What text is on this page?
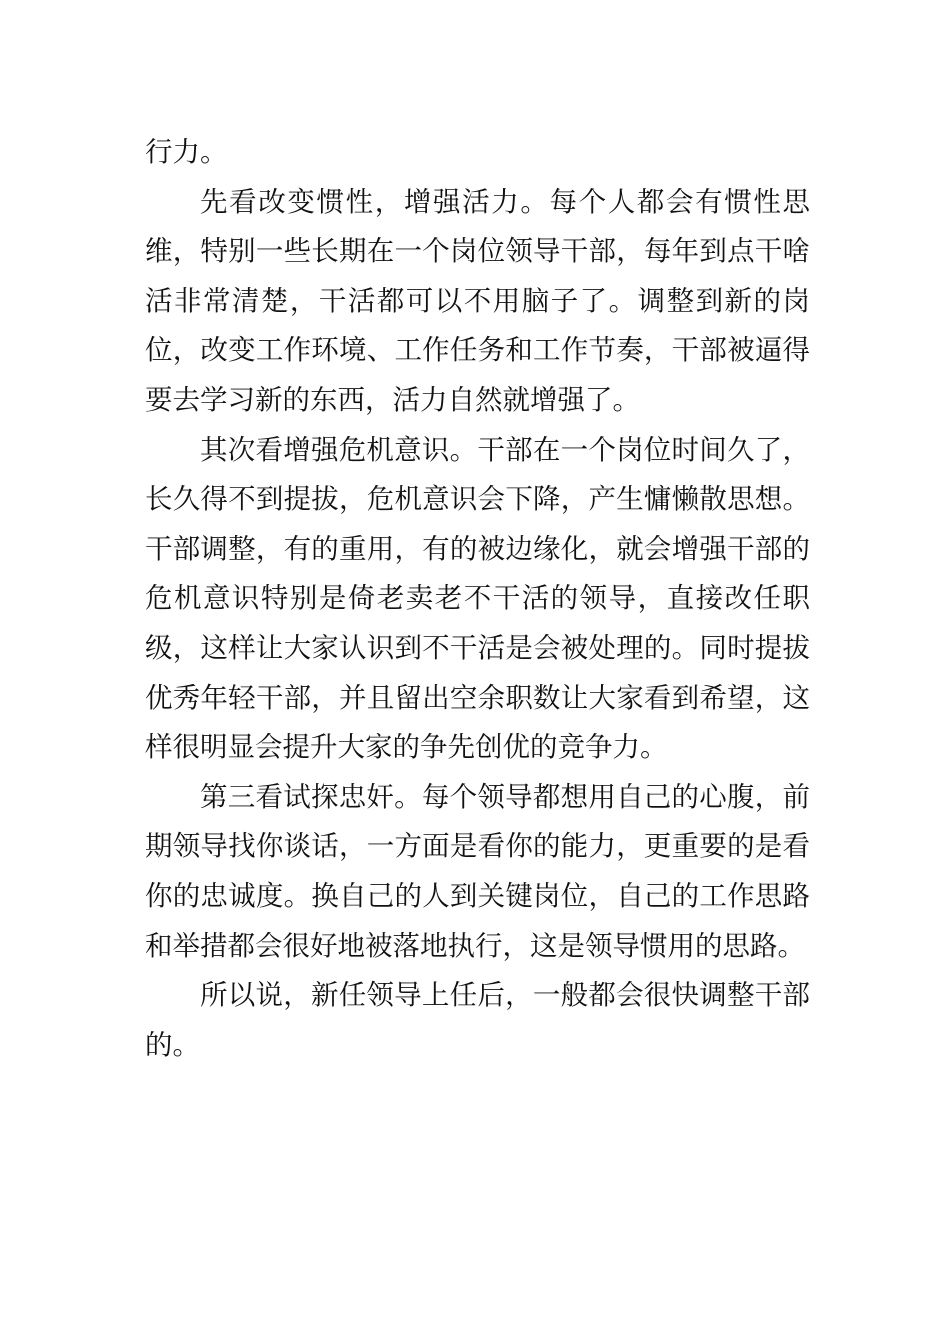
行力。

先看改变惯性，增强活力。每个人都会有惯性思维，特别一些长期在一个岗位领导干部，每年到点干啥活非常清楚，干活都可以不用脑子了。调整到新的岗位，改变工作环境、工作任务和工作节奏，干部被逼得要去学习新的东西，活力自然就增强了。

其次看增强危机意识。干部在一个岗位时间久了，长久得不到提拔，危机意识会下降，产生慵懒散思想。干部调整，有的重用，有的被边缘化，就会增强干部的危机意识特别是倚老卖老不干活的领导，直接改任职级，这样让大家认识到不干活是会被处理的。同时提拔优秀年轻干部，并且留出空余职数让大家看到希望，这样很明显会提升大家的争先创优的竞争力。

第三看试探忠奸。每个领导都想用自己的心腹，前期领导找你谈话，一方面是看你的能力，更重要的是看你的忠诚度。换自己的人到关键岗位，自己的工作思路和举措都会很好地被落地执行，这是领导惯用的思路。

所以说，新任领导上任后，一般都会很快调整干部的。
